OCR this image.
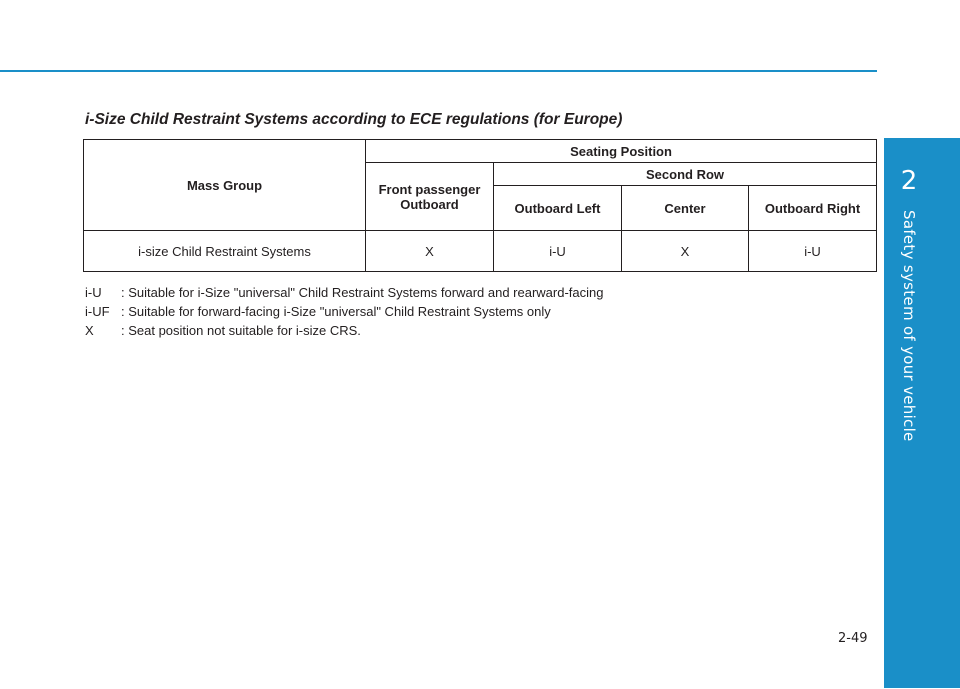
2
Safety system of your vehicle
i-Size Child Restraint Systems according to ECE regulations (for Europe)
Mass Group	Seating Position			
	Front passenger Outboard	Second Row		
		Outboard Left	Center	Outboard Right
i-size Child Restraint Systems	X	i-U	X	i-U
i-U : Suitable for i-Size "universal" Child Restraint Systems forward and rearward-facing
i-UF : Suitable for forward-facing i-Size "universal" Child Restraint Systems only
X : Seat position not suitable for i-size CRS.
2-49
